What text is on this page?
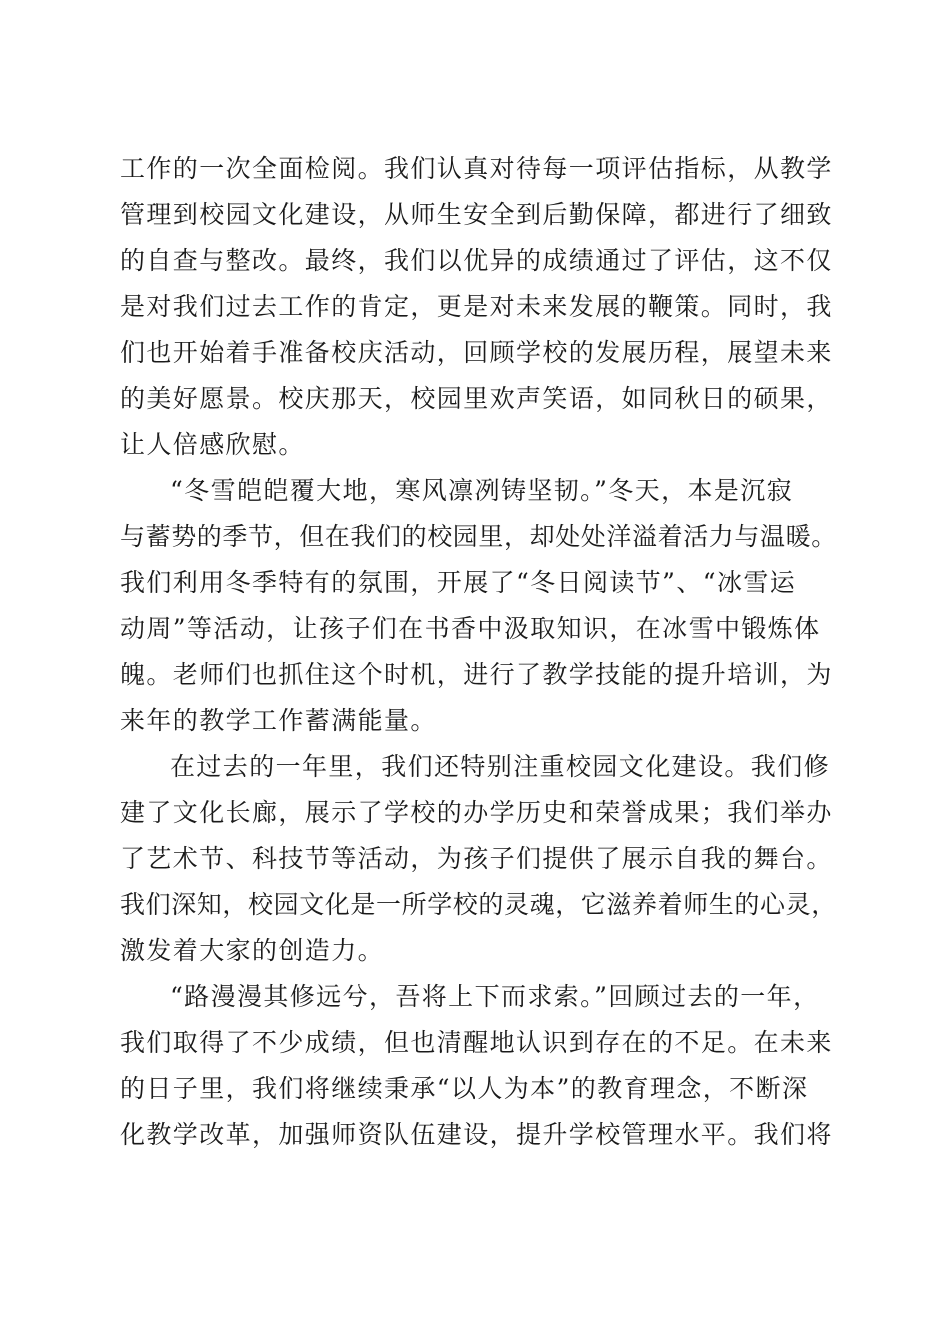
工作的一次全面检阅。我们认真对待每一项评估指标，从教学
管理到校园文化建设，从师生安全到后勤保障，都进行了细致
的自查与整改。最终，我们以优异的成绩通过了评估，这不仅
是对我们过去工作的肯定，更是对未来发展的鞭策。同时，我
们也开始着手准备校庆活动，回顾学校的发展历程，展望未来
的美好愿景。校庆那天，校园里欢声笑语，如同秋日的硕果，
让人倍感欣慰。
“冬雪皑皑覆大地，寒风凛冽铸坚韧。”冬天，本是沉寂
与蓄势的季节，但在我们的校园里，却处处洋溢着活力与温暖。
我们利用冬季特有的氛围，开展了“冬日阅读节”、“冰雪运
动周”等活动，让孩子们在书香中汲取知识，在冰雪中锻炼体
魄。老师们也抓住这个时机，进行了教学技能的提升培训，为
来年的教学工作蓄满能量。
在过去的一年里，我们还特别注重校园文化建设。我们修
建了文化长廊，展示了学校的办学历史和荣誉成果；我们举办
了艺术节、科技节等活动，为孩子们提供了展示自我的舞台。
我们深知，校园文化是一所学校的灵魂，它滋养着师生的心灵，
激发着大家的创造力。
“路漫漫其修远兮，吾将上下而求索。”回顾过去的一年，
我们取得了不少成绩，但也清醒地认识到存在的不足。在未来
的日子里，我们将继续秉承“以人为本”的教育理念，不断深
化教学改革，加强师资队伍建设，提升学校管理水平。我们将
